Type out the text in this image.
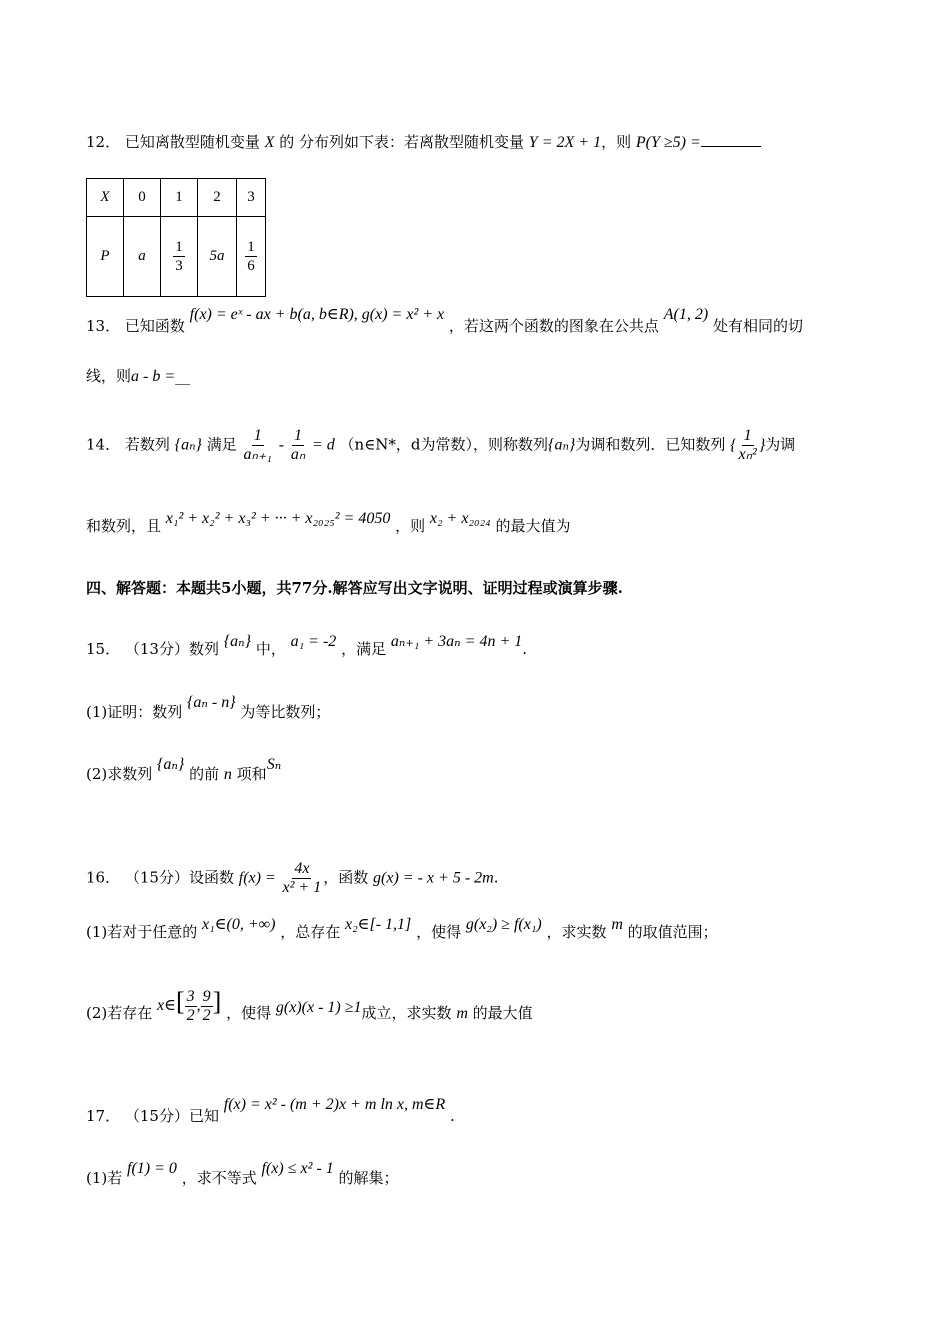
12． 已知离散型随机变量 X 的 分布列如下表：若离散型随机变量 Y = 2X + 1，则 P(Y ≥5) =
X	0	1	2	3
P	a	$\frac{1}{3}$	5a	$\frac{1}{6}$
13． 已知函数 f(x) = eˣ - ax + b(a, b∈R), g(x) = x² + x ，若这两个函数的图象在公共点 A(1, 2) 处有相同的切
线，则a - b =__
14． 若数列 {aₙ} 满足 $\frac{1}{\text{aₙ₊₁}} - \frac{1}{\text{aₙ}} = d$ （n∈N*，d为常数），则称数列{aₙ}为调和数列．已知数列 { $\frac{1}{\text{xₙ²}}$ }为调
和数列，且 x₁² + x₂² + x₃² + ··· + x₂₀₂₅² = 4050 ，则 x₂ + x₂₀₂₄ 的最大值为
四、解答题：本题共5小题，共77分.解答应写出文字说明、证明过程或演算步骤.
15． （13分）数列 {aₙ} 中， a₁ = -2 ，满足 aₙ₊₁ + 3aₙ = 4n + 1.
(1)证明：数列 {aₙ - n} 为等比数列；
(2)求数列 {aₙ} 的前 n 项和Sₙ
16． （15分）设函数 $f(x) = \frac{4x}{\text{x² + 1}}$ ，函数 g(x) = - x + 5 - 2m.
(1)若对于任意的 x₁∈(0, +∞) ，总存在 x₂∈[- 1,1] ，使得 g(x₂) ≥ f(x₁) ，求实数 m 的取值范围；
(2)若存在 x∈[ $\frac{3}{2}$ , $\frac{9}{2}$ ] ，使得 g(x)(x - 1) ≥1成立，求实数 m 的最大值
17． （15分）已知 f(x) = x² - (m + 2)x + m ln x, m∈R .
(1)若 f(1) = 0 ，求不等式 f(x) ≤ x² - 1 的解集；
